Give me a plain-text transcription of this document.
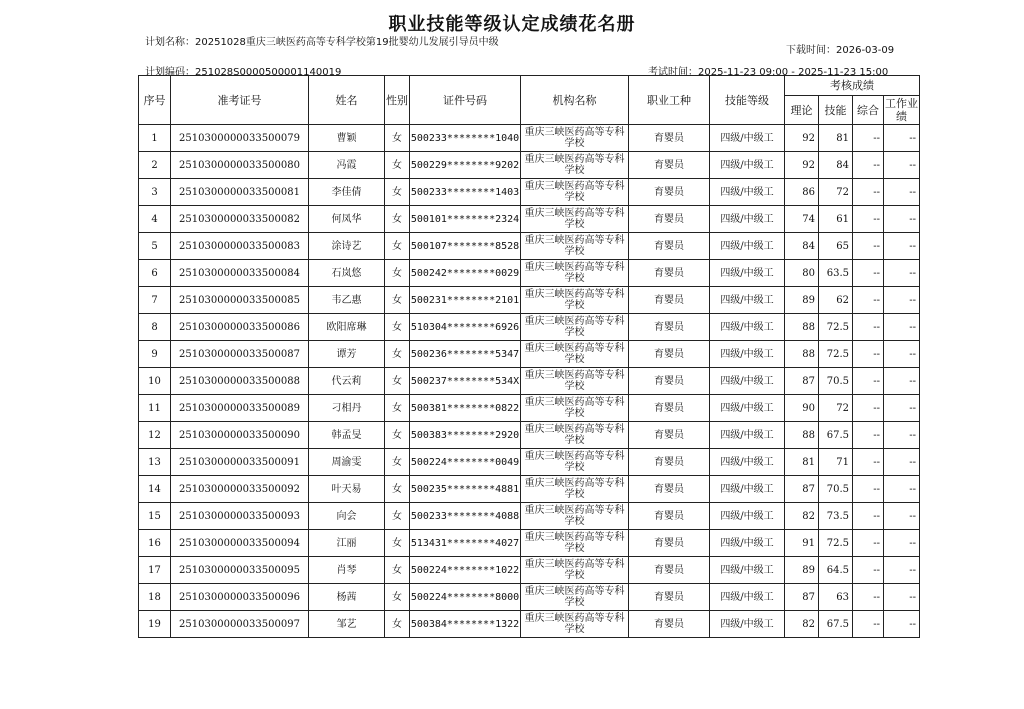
职业技能等级认定成绩花名册
计划名称：20251028重庆三峡医药高等专科学校第19批婴幼儿发展引导员中级
下载时间：2026-03-09
计划编码：251028S0000500001140019	考试时间：2025-11-23 09:00 - 2025-11-23 15:00
序号	准考证号	姓名	性别	证件号码	机构名称	职业工种	技能等级	考核成绩			
								理论	技能	综合	工作业绩
1	2510300000033500079	曹颖	女	500233********1040	重庆三峡医药高等专科学校	育婴员	四级/中级工	92	81	--	--
2	2510300000033500080	冯霞	女	500229********9202	重庆三峡医药高等专科学校	育婴员	四级/中级工	92	84	--	--
3	2510300000033500081	李佳倩	女	500233********1403	重庆三峡医药高等专科学校	育婴员	四级/中级工	86	72	--	--
4	2510300000033500082	何凤华	女	500101********2324	重庆三峡医药高等专科学校	育婴员	四级/中级工	74	61	--	--
5	2510300000033500083	涂诗艺	女	500107********8528	重庆三峡医药高等专科学校	育婴员	四级/中级工	84	65	--	--
6	2510300000033500084	石岚悠	女	500242********0029	重庆三峡医药高等专科学校	育婴员	四级/中级工	80	63.5	--	--
7	2510300000033500085	韦乙惠	女	500231********2101	重庆三峡医药高等专科学校	育婴员	四级/中级工	89	62	--	--
8	2510300000033500086	欧阳席琳	女	510304********6926	重庆三峡医药高等专科学校	育婴员	四级/中级工	88	72.5	--	--
9	2510300000033500087	谭芳	女	500236********5347	重庆三峡医药高等专科学校	育婴员	四级/中级工	88	72.5	--	--
10	2510300000033500088	代云莉	女	500237********534X	重庆三峡医药高等专科学校	育婴员	四级/中级工	87	70.5	--	--
11	2510300000033500089	刁相丹	女	500381********0822	重庆三峡医药高等专科学校	育婴员	四级/中级工	90	72	--	--
12	2510300000033500090	韩孟旻	女	500383********2920	重庆三峡医药高等专科学校	育婴员	四级/中级工	88	67.5	--	--
13	2510300000033500091	周渝雯	女	500224********0049	重庆三峡医药高等专科学校	育婴员	四级/中级工	81	71	--	--
14	2510300000033500092	叶天易	女	500235********4881	重庆三峡医药高等专科学校	育婴员	四级/中级工	87	70.5	--	--
15	2510300000033500093	向会	女	500233********4088	重庆三峡医药高等专科学校	育婴员	四级/中级工	82	73.5	--	--
16	2510300000033500094	江丽	女	513431********4027	重庆三峡医药高等专科学校	育婴员	四级/中级工	91	72.5	--	--
17	2510300000033500095	肖琴	女	500224********1022	重庆三峡医药高等专科学校	育婴员	四级/中级工	89	64.5	--	--
18	2510300000033500096	杨茜	女	500224********8000	重庆三峡医药高等专科学校	育婴员	四级/中级工	87	63	--	--
19	2510300000033500097	邹艺	女	500384********1322	重庆三峡医药高等专科学校	育婴员	四级/中级工	82	67.5	--	--
